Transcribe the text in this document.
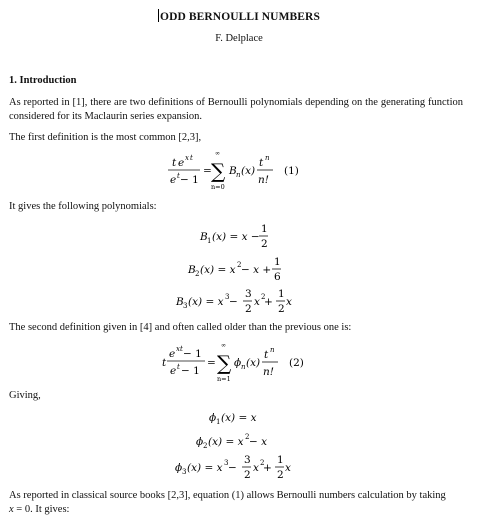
ODD BERNOULLI NUMBERS
F. Delplace
1. Introduction
As reported in [1], there are two definitions of Bernoulli polynomials depending on the generating function considered for its Maclaurin series expansion.
The first definition is the most common [2,3],
t e x t
e t − 1
=
∞
∑
n=0
B n (x)
t n
n!
(1)
It gives the following polynomials:
B 1 (x) = x −
1
2
B 2 (x) = x 2 − x +
1
6
B 3 (x) = x 3 −
3
2
x 2
+
1
2
x
The second definition given in [4] and often called older than the previous one is:
t
e xt − 1
e t − 1
=
∞
∑
n=1
ϕ n (x)
t n
n!
(2)
Giving,
ϕ 1 (x) = x
ϕ 2 (x) = x 2 − x
ϕ 3 (x) = x 3 −
3
2
x 2
+
1
2
x
As reported in classical source books [2,3], equation (1) allows Bernoulli numbers calculation by taking
x = 0. It gives:
